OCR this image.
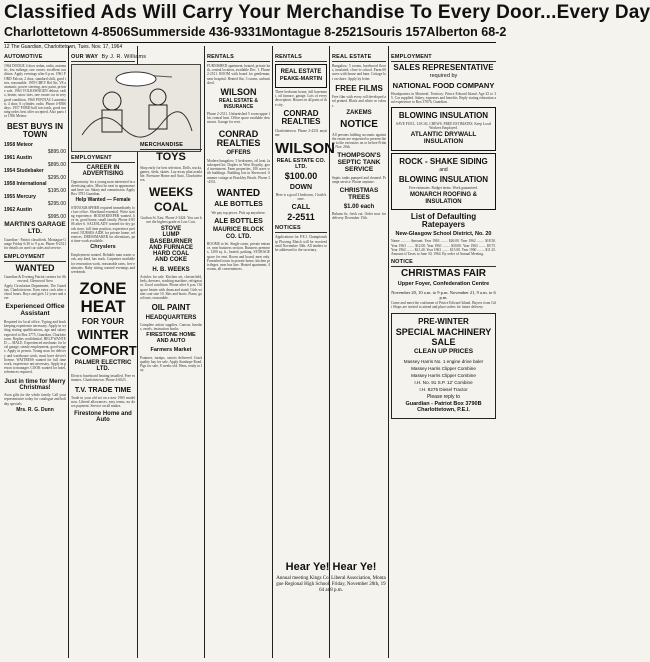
Classified Ads Will Carry Your Merchandise To Every Door...Every Day
Charlottetown 4-8506 Summerside 436-9331 Montague 8-2521 Souris 157 Alberton 68-2
12 The Guardian, Charlottetown, Tues. Nov. 17, 1964
AUTOMOTIVE
1964 DODGE 4 door sedan, radio, automatic, low mileage, one owner, excellent condition. Apply evenings after 6 p.m. 1961 FORD Falcon, 2 door, standard shift, good tires, reasonable. 1959 CHEV Bel Air, V8 automatic, power steering, new paint, private sale. 1963 VOLKSWAGEN deluxe, radio, heater, snow tires, one owner car in very good condition. 1960 PONTIAC Laurentian, 4 door, 6 cylinder, radio. Phone 4-8506 days. 1957 FORD half ton truck, good running order, best offer accepted. Also parts for 1956 Meteor.
BEST BUYS IN TOWN
1958 Meteor
$895.00
1961 Austin
$895.00
1954 Studebaker
$295.00
1958 International
$195.00
1955 Mercury
$295.00
1962 Austin
$995.00
MARTIN'S GARAGE LTD.
Guardian - Patriot classifieds. Montague Garage Friday 6:30 to 9 p.m. Phone 8-2521 for details on used car sales and service.
EMPLOYMENT
WANTED
Guardian & Evening Patriot carriers for Sherwood, Glenwood Area
Apply Circulation Department, The Guardian, Charlottetown. Earn extra cash after school hours. Boys and girls 12 years and over.
Experienced Office Assistant
Required for local office. Typing and bookkeeping experience necessary. Apply in writing stating qualifications, age and salary expected to Box 3775, Guardian, Charlottetown. Replies confidential. HELP WANTED — MALE. Experienced mechanic for local garage, steady employment, good wages. Apply in person. Young man for delivery and warehouse work, must have driver's license. WAITRESS wanted for full time work, experience not necessary. Apply in person to manager. COOK wanted for hotel, references required.
Just in time for Merry Christmas!
Avon gifts for the whole family. Call your representative today for catalogue and holiday specials.
Mrs. R. G. Dunn
OUR WAY By J. R. Williams
EMPLOYMENT
CAREER IN ADVERTISING
Opportunity for a young man interested in advertising sales. Must be neat in appearance and have car. Salary and commission. Apply Box 3781 Guardian.
Help Wanted — Female
STENOGRAPHER required immediately for law office. Shorthand essential. Write stating experience. HOUSEKEEPER wanted, live in, good home, small family. Phone 4-8506 after 6. SALESLADY wanted for dry goods store, full time position, experience preferred. NURSES AIDE for private home, references. DRESSMAKER for alterations, part time work available.
Chryslers
Employment wanted. Reliable man wants work, any kind, has truck. Carpenter available for renovation work, reasonable rates, free estimates. Baby sitting wanted evenings and weekends.
ZONE HEAT
FOR YOUR
WINTER
COMFORT
PALMER ELECTRIC LTD.
Electric baseboard heating installed. Free estimates. Charlottetown. Phone 4-6023.
T.V. TRADE TIME
Trade in your old set on a new 1965 model now. Liberal allowances, easy terms, no down payment. Service on all makes.
Firestone Home and Auto
MERCHANDISE
TOYS
Shop early for best selection. Dolls, trucks, games, sleds, skates. Lay-away plan available. Firestone Home and Auto, Charlottetown.
WEEKS
COAL
Grafton St. East. Phone 2-3424. You can have the highest grade at Low Cost.
STOVE
LUMP
BASEBURNER
AND FURNACE
HARD COAL
AND COKE
H. B. WEEKS
Articles for sale. Kitchen set, chesterfield, beds, dressers, washing machine, refrigerator. Good condition. Phone after 6 p.m. Oil space heater with drum and stand. Girls winter coat size 10. Skis and boots. Piano, good tone, reasonable.
OIL PAINT
HEADQUARTERS
Complete artists supplies. Canvas, brushes, easels, instruction books.
FIRESTONE HOME AND AUTO
Farmers Market
Potatoes, turnips, carrots delivered. Good quality hay for sale. Apply Stanhope Road. Pigs for sale, 8 weeks old. Hens, ready to lay.
RENTALS
FURNISHED apartment, heated, private bath, central location, available Dec. 1. Phone 2-2511. ROOM with board for gentleman, near hospital. Heated flat, 3 rooms, unfurnished.
WILSON
REAL ESTATE & INSURANCE
Phone 2-2511. Unfurnished 5 room upper flat, central heat. Office space available downtown. Garage for rent.
CONRAD REALTIES
OFFERS
Modern bungalow, 3 bedrooms, oil heat, landscaped lot. Duplex in West Royalty, good investment. Farm properties, 100 acres with buildings. Building lots in Sherwood. Summer cottage at Brackley Beach. Phone 2-4331.
WANTED
ALE BOTTLES
We pay top prices. Pick up anywhere.
ALE BOTTLES
MAURICE BLOCK CO. LTD.
ROOMS to let. Single room, private entrance, near business section. Business premises, 1200 sq. ft., heated, parking. STORAGE space for rent. Room and board, men only. Furnished room in private home, kitchen privileges, near bus line. Heated apartment, 4 rooms, all conveniences.
RENTALS
REAL ESTATE
PEAKE-MARTIN
Three bedroom home, full basement, oil furnace, garage. Lots of every description. Houses in all parts of the city.
CONRAD REALTIES
Charlottetown. Phone 2-4331 anytime.
WILSON
REAL ESTATE CO. LTD.
$100.00
DOWN
Here is a good 3 bedroom, 1 bath home.
CALL
2-2511
NOTICES
Applications for P.E.I. Championship Plowing Match will be received until November 30th. All tenders to be addressed to the secretary.
Hear Ye! Hear Ye!
Annual meeting Kings Co. Liberal Association, Montague Regional High School, Friday, November 20th, 1964 at 8 p.m.
REAL ESTATE
Bungalow, 5 rooms, hardwood floors, insulated, close to school. Farm 60 acres with house and barn. Cottage lot on shore. Apply by letter.
FREE FILMS
Free film with every roll developed and printed. Black and white or colour.
ZAKEMS
NOTICE
All persons holding accounts against the estate are requested to present them to the executors on or before Friday, Nov. 20th.
THOMPSON'S SEPTIC TANK SERVICE
Septic tanks pumped and cleaned. Prompt service. Phone anytime.
CHRISTMAS TREES
$1.00 each
Balsam fir, fresh cut. Order now for delivery December 15th.
EMPLOYMENT
SALES REPRESENTATIVE
required by
NATIONAL FOOD COMPANY
Headquarters in Montreal. Territory: Prince Edward Island. Age 25 to 35. Car supplied. Salary, expenses and benefits. Reply stating education and experience to Box 37876, Guardian.
BLOWING INSULATION
SAVE FUEL. LOCAL CREWS. FREE ESTIMATES. Keep Local Workers Employed.
ATLANTIC DRYWALL INSULATION
ROCK - SHAKE SIDING
and
BLOWING INSULATION
Free estimates. Budget terms. Work guaranteed.
MONARCH ROOFING & INSULATION
List of Defaulting Ratepayers
New-Glasgow School District, No. 20
Name .......... Amount. Year 1963 ........ $26.00. Year 1962 ........ $18.50. Year 1963 ........ $12.00. Year 1961 ........ $30.00. Year 1963 ........ $9.75. Year 1962 ........ $21.40. Year 1963 ........ $15.00. Year 1960 ........ $11.25. Amount of Taxes to June 30, 1964. By order of Annual Meeting.
NOTICE
CHRISTMAS FAIR
Upper Foyer, Confederation Centre
November 20, 10 a.m. to 9 p.m. November 21, 9 a.m. to 6 p.m.
Come and meet the craftsmen of Prince Edward Island. Buyers from Gift Shops are invited to attend and place orders for future delivery.
PRE-WINTER
SPECIAL MACHINERY SALE
CLEAN UP PRICES
Massey Harris No. 1 engine drive baler
Massey Harris Clipper Combine
Massey Harris Clipper Combine
I.H. No. 91 S.P. 12' Combine
I.H. 8275 Diesel Tractor
Please reply to
Guardian - Patriot Box 3790B Charlottetown, P.E.I.
